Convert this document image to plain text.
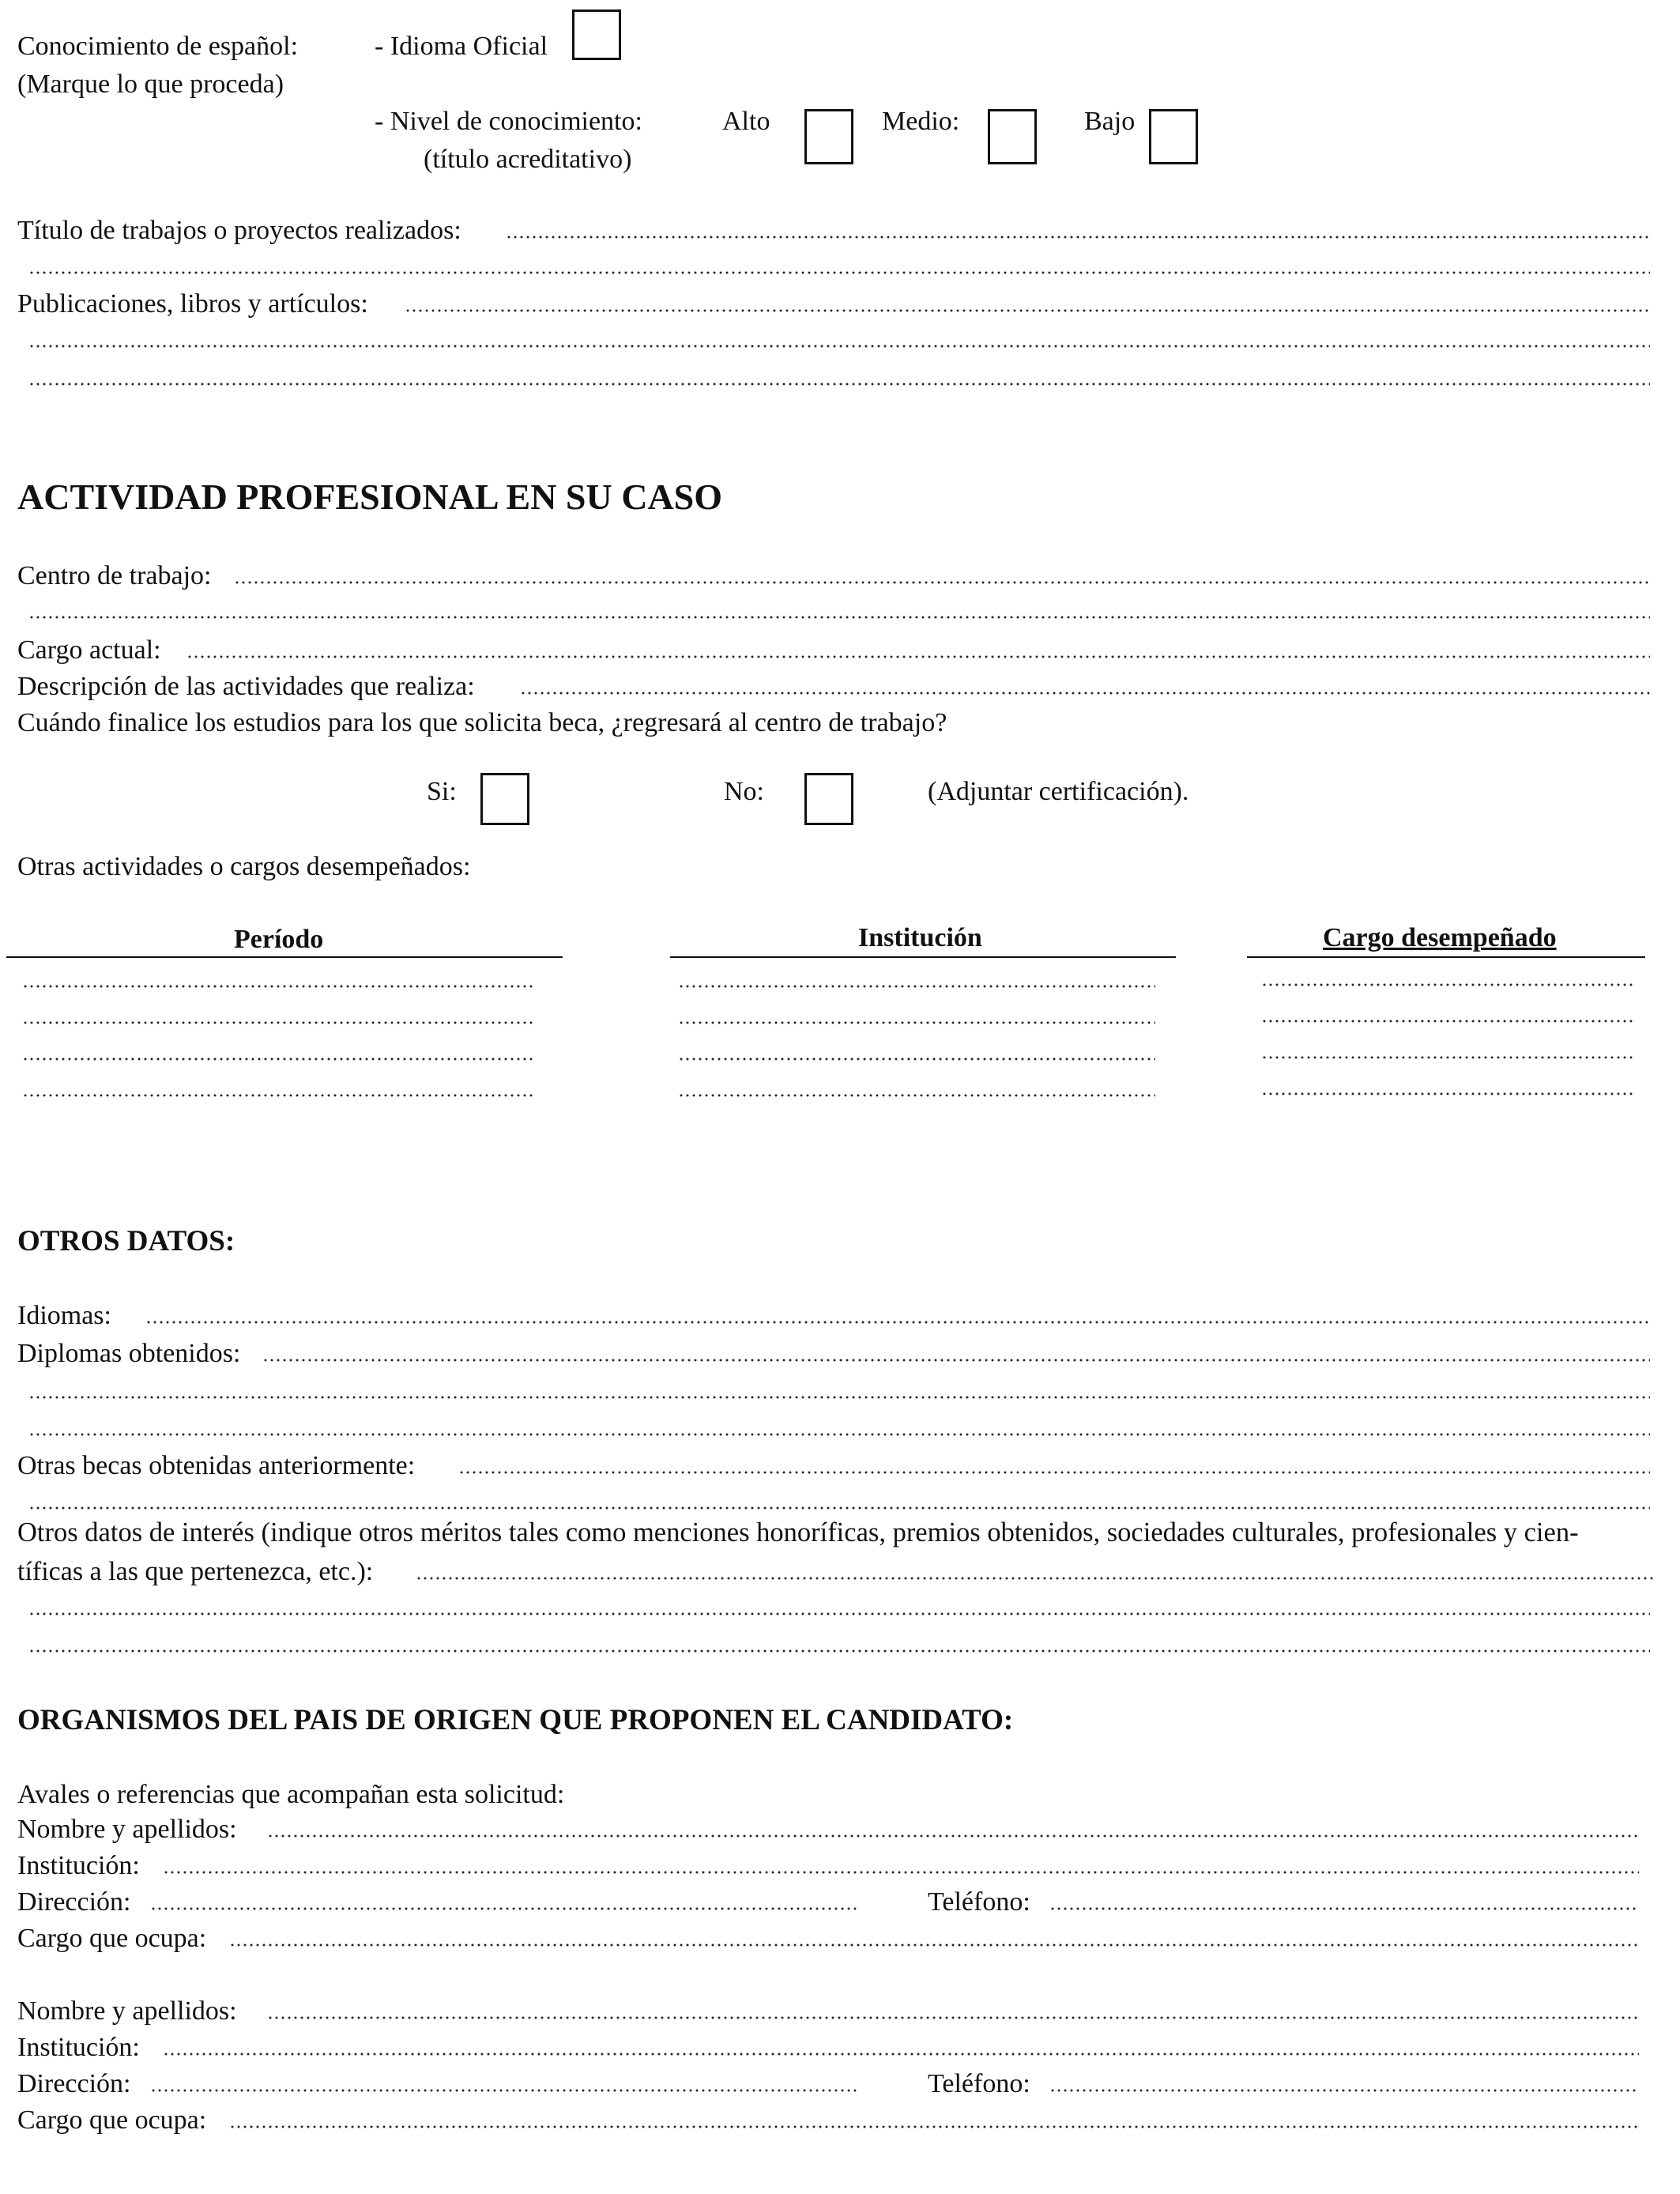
Conocimiento de español:
(Marque lo que proceda)
- Idioma Oficial
- Nivel de conocimiento:
(título acreditativo)
Alto	Medio:	Bajo
Título de trabajos o proyectos realizados:
Publicaciones, libros y artículos:
ACTIVIDAD PROFESIONAL EN SU CASO
Centro de trabajo:
Cargo actual:
Descripción de las actividades que realiza:
Cuándo finalice los estudios para los que solicita beca, ¿regresará al centro de trabajo?
Si:	No:	(Adjuntar certificación).
Otras actividades o cargos desempeñados:
Período	Institución	Cargo desempeñado
OTROS DATOS:
Idiomas:
Diplomas obtenidos:
Otras becas obtenidas anteriormente:
Otros datos de interés (indique otros méritos tales como menciones honoríficas, premios obtenidos, sociedades culturales, profesionales y cien-
tíficas a las que pertenezca, etc.):
ORGANISMOS DEL PAIS DE ORIGEN QUE PROPONEN EL CANDIDATO:
Avales o referencias que acompañan esta solicitud:
Nombre y apellidos:
Institución:
Dirección:	Teléfono:
Cargo que ocupa:
Nombre y apellidos:
Institución:
Dirección:	Teléfono:
Cargo que ocupa:
